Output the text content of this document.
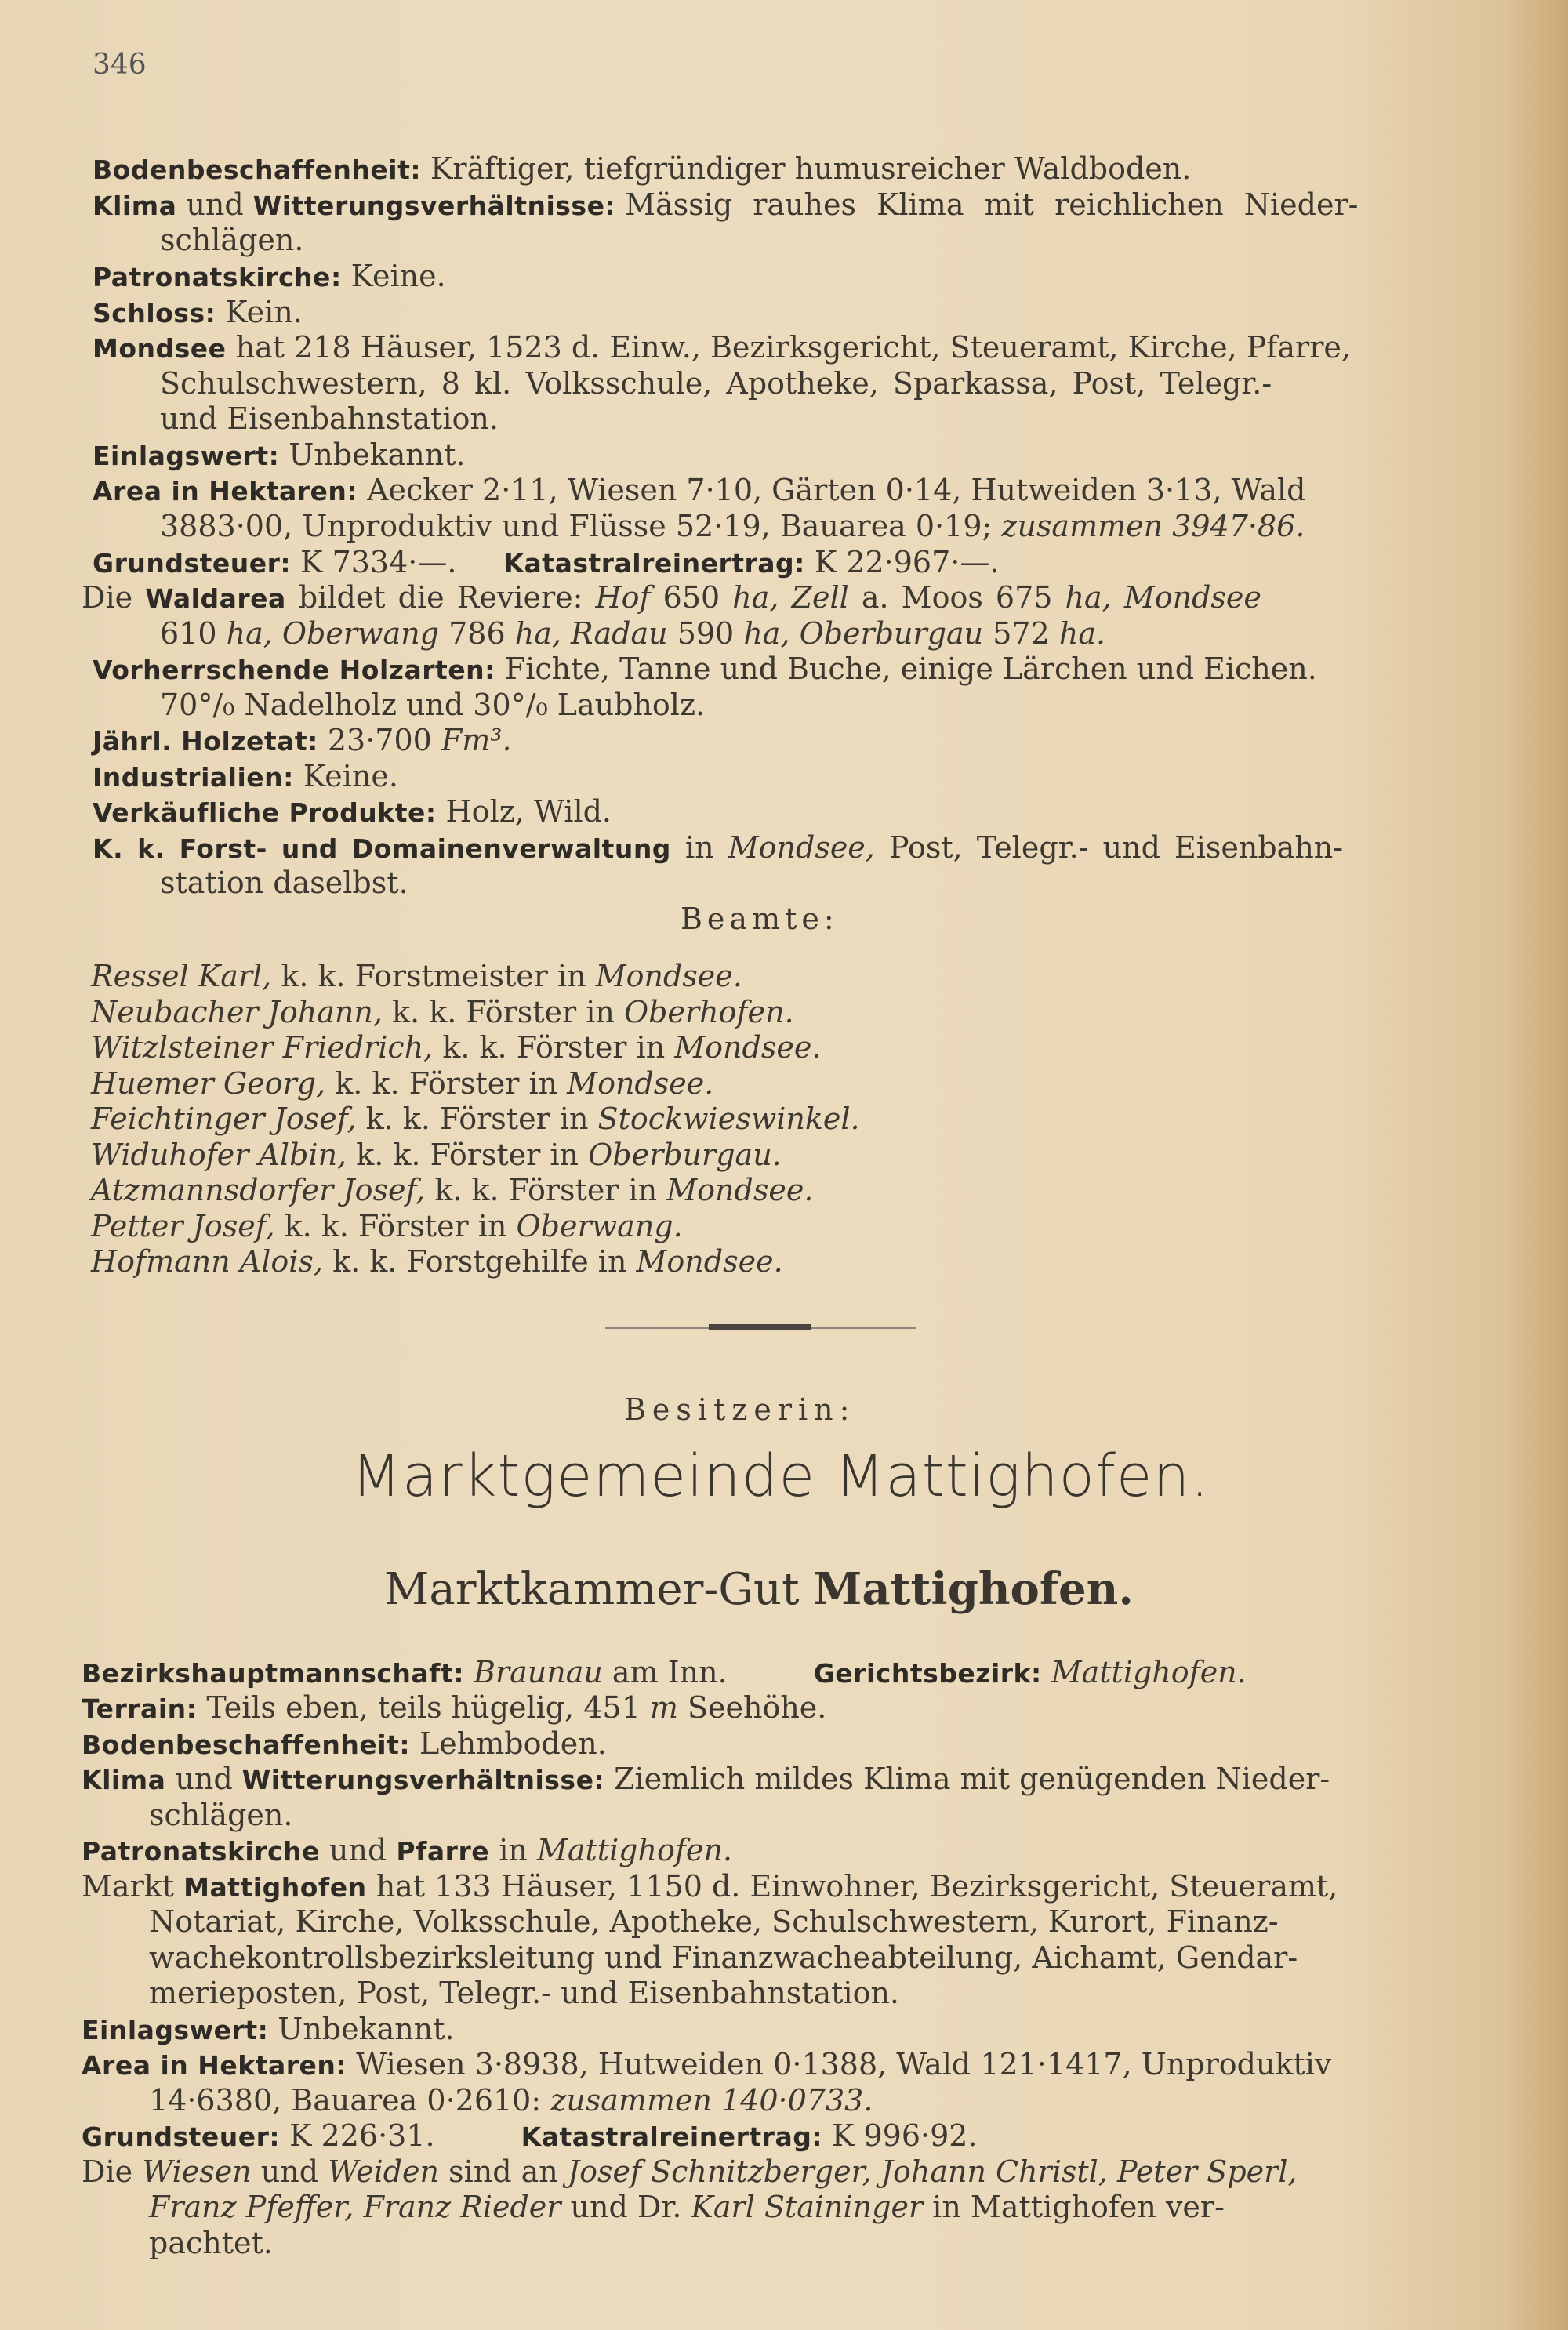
346
Bodenbeschaffenheit: Kräftiger, tiefgründiger humusreicher Waldboden.
Klima und Witterungsverhältnisse: Mässig rauhes Klima mit reichlichen Nieder-
schlägen.
Patronatskirche: Keine.
Schloss: Kein.
Mondsee hat 218 Häuser, 1523 d. Einw., Bezirksgericht, Steueramt, Kirche, Pfarre,
Schulschwestern, 8 kl. Volksschule, Apotheke, Sparkassa, Post, Telegr.-
und Eisenbahnstation.
Einlagswert: Unbekannt.
Area in Hektaren: Aecker 2·11, Wiesen 7·10, Gärten 0·14, Hutweiden 3·13, Wald
3883·00, Unproduktiv und Flüsse 52·19, Bauarea 0·19; zusammen 3947·86.
Grundsteuer: K 7334·—. Katastralreinertrag: K 22·967·—.
Die Waldarea bildet die Reviere: Hof 650 ha, Zell a. Moos 675 ha, Mondsee
610 ha, Oberwang 786 ha, Radau 590 ha, Oberburgau 572 ha.
Vorherrschende Holzarten: Fichte, Tanne und Buche, einige Lärchen und Eichen.
70°/₀ Nadelholz und 30°/₀ Laubholz.
Jährl. Holzetat: 23·700 Fm³.
Industrialien: Keine.
Verkäufliche Produkte: Holz, Wild.
K. k. Forst- und Domainenverwaltung in Mondsee, Post, Telegr.- und Eisenbahn-
station daselbst.
Beamte:
Ressel Karl, k. k. Forstmeister in Mondsee.
Neubacher Johann, k. k. Förster in Oberhofen.
Witzlsteiner Friedrich, k. k. Förster in Mondsee.
Huemer Georg, k. k. Förster in Mondsee.
Feichtinger Josef, k. k. Förster in Stockwieswinkel.
Widuhofer Albin, k. k. Förster in Oberburgau.
Atzmannsdorfer Josef, k. k. Förster in Mondsee.
Petter Josef, k. k. Förster in Oberwang.
Hofmann Alois, k. k. Forstgehilfe in Mondsee.
Besitzerin:
Marktgemeinde Mattighofen.
Marktkammer-Gut Mattighofen.
Bezirkshauptmannschaft: Braunau am Inn.	Gerichtsbezirk: Mattighofen.
Terrain: Teils eben, teils hügelig, 451 m Seehöhe.
Bodenbeschaffenheit: Lehmboden.
Klima und Witterungsverhältnisse: Ziemlich mildes Klima mit genügenden Nieder-
schlägen.
Patronatskirche und Pfarre in Mattighofen.
Markt Mattighofen hat 133 Häuser, 1150 d. Einwohner, Bezirksgericht, Steueramt,
Notariat, Kirche, Volksschule, Apotheke, Schulschwestern, Kurort, Finanz-
wachekontrollsbezirksleitung und Finanzwacheabteilung, Aichamt, Gendar-
merieposten, Post, Telegr.- und Eisenbahnstation.
Einlagswert: Unbekannt.
Area in Hektaren: Wiesen 3·8938, Hutweiden 0·1388, Wald 121·1417, Unproduktiv
14·6380, Bauarea 0·2610: zusammen 140·0733.
Grundsteuer: K 226·31.	Katastralreinertrag: K 996·92.
Die Wiesen und Weiden sind an Josef Schnitzberger, Johann Christl, Peter Sperl,
Franz Pfeffer, Franz Rieder und Dr. Karl Staininger in Mattighofen ver-
pachtet.
